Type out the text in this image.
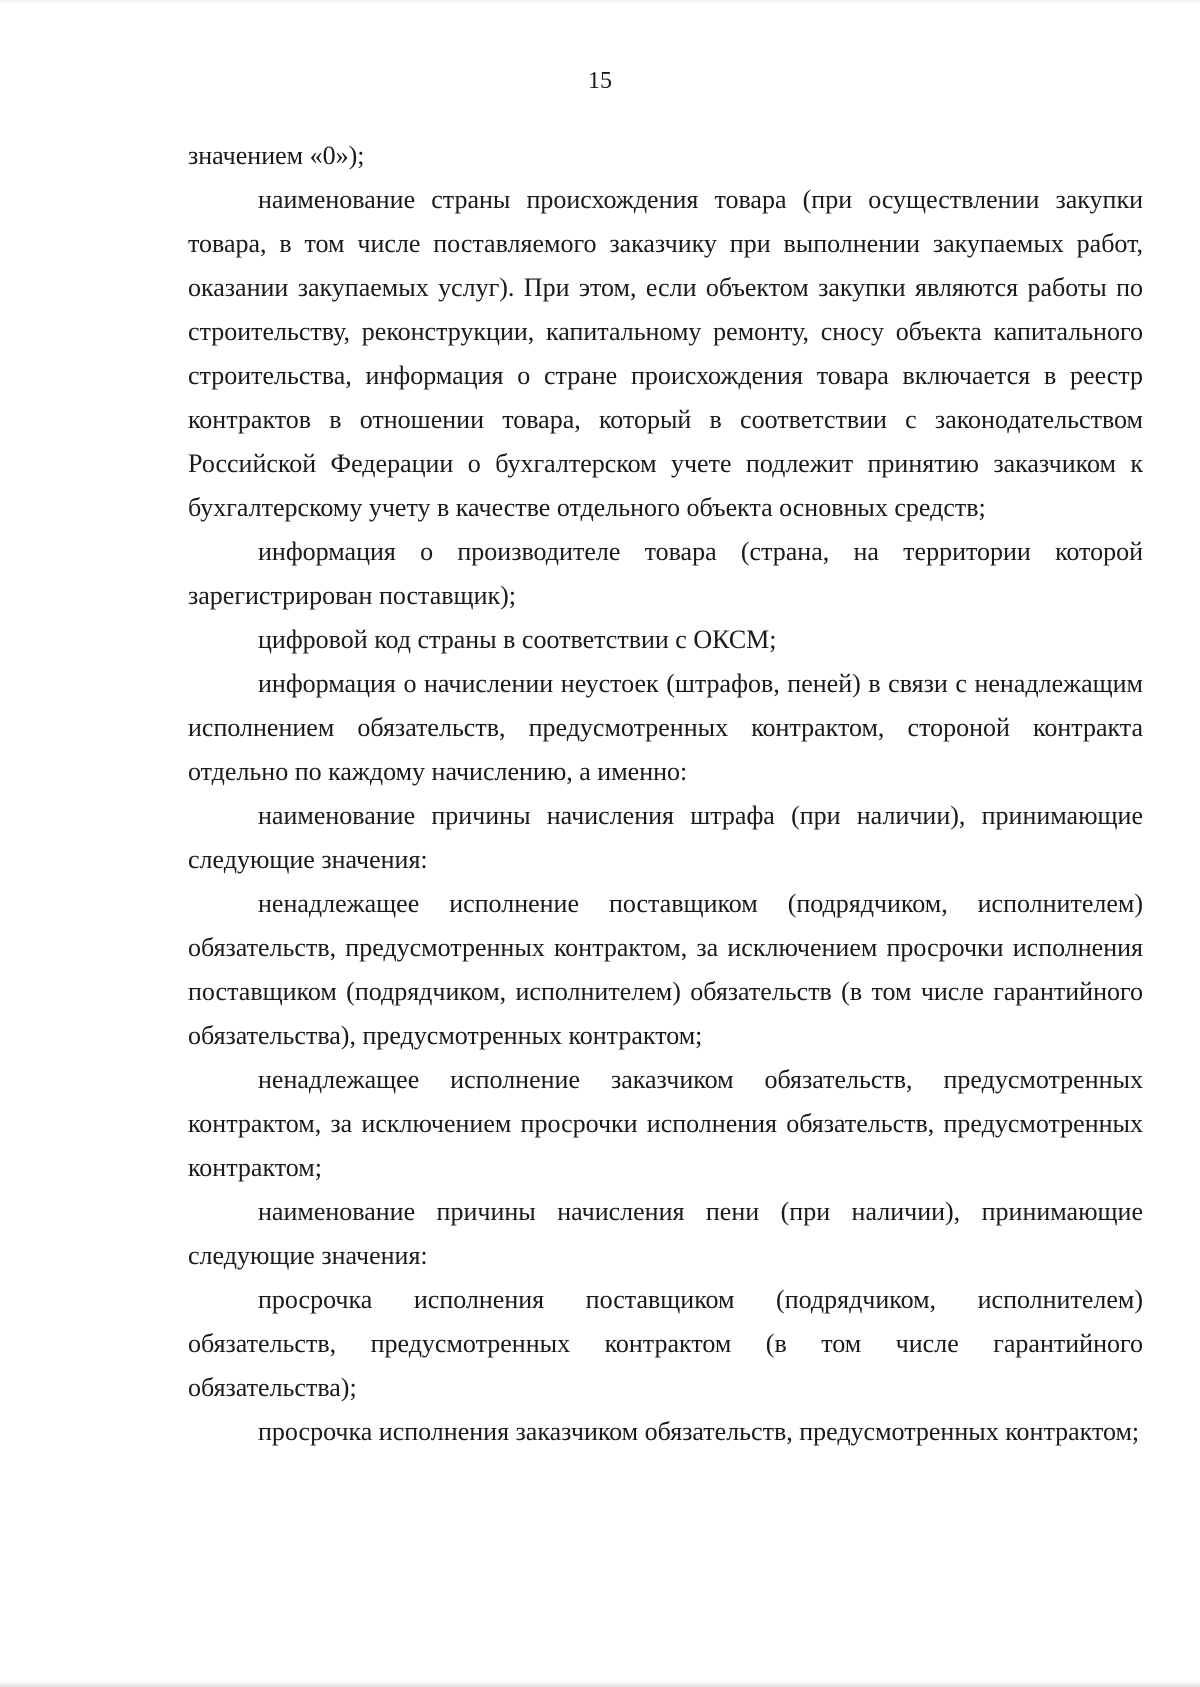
15

значением «0»);

наименование страны происхождения товара (при осуществлении закупки товара, в том числе поставляемого заказчику при выполнении закупаемых работ, оказании закупаемых услуг). При этом, если объектом закупки являются работы по строительству, реконструкции, капитальному ремонту, сносу объекта капитального строительства, информация о стране происхождения товара включается в реестр контрактов в отношении товара, который в соответствии с законодательством Российской Федерации о бухгалтерском учете подлежит принятию заказчиком к бухгалтерскому учету в качестве отдельного объекта основных средств;

информация о производителе товара (страна, на территории которой зарегистрирован поставщик);

цифровой код страны в соответствии с ОКСМ;

информация о начислении неустоек (штрафов, пеней) в связи с ненадлежащим исполнением обязательств, предусмотренных контрактом, стороной контракта отдельно по каждому начислению, а именно:

наименование причины начисления штрафа (при наличии), принимающие следующие значения:

ненадлежащее исполнение поставщиком (подрядчиком, исполнителем) обязательств, предусмотренных контрактом, за исключением просрочки исполнения поставщиком (подрядчиком, исполнителем) обязательств (в том числе гарантийного обязательства), предусмотренных контрактом;

ненадлежащее исполнение заказчиком обязательств, предусмотренных контрактом, за исключением просрочки исполнения обязательств, предусмотренных контрактом;

наименование причины начисления пени (при наличии), принимающие следующие значения:

просрочка исполнения поставщиком (подрядчиком, исполнителем) обязательств, предусмотренных контрактом (в том числе гарантийного обязательства);

просрочка исполнения заказчиком обязательств, предусмотренных контрактом;
